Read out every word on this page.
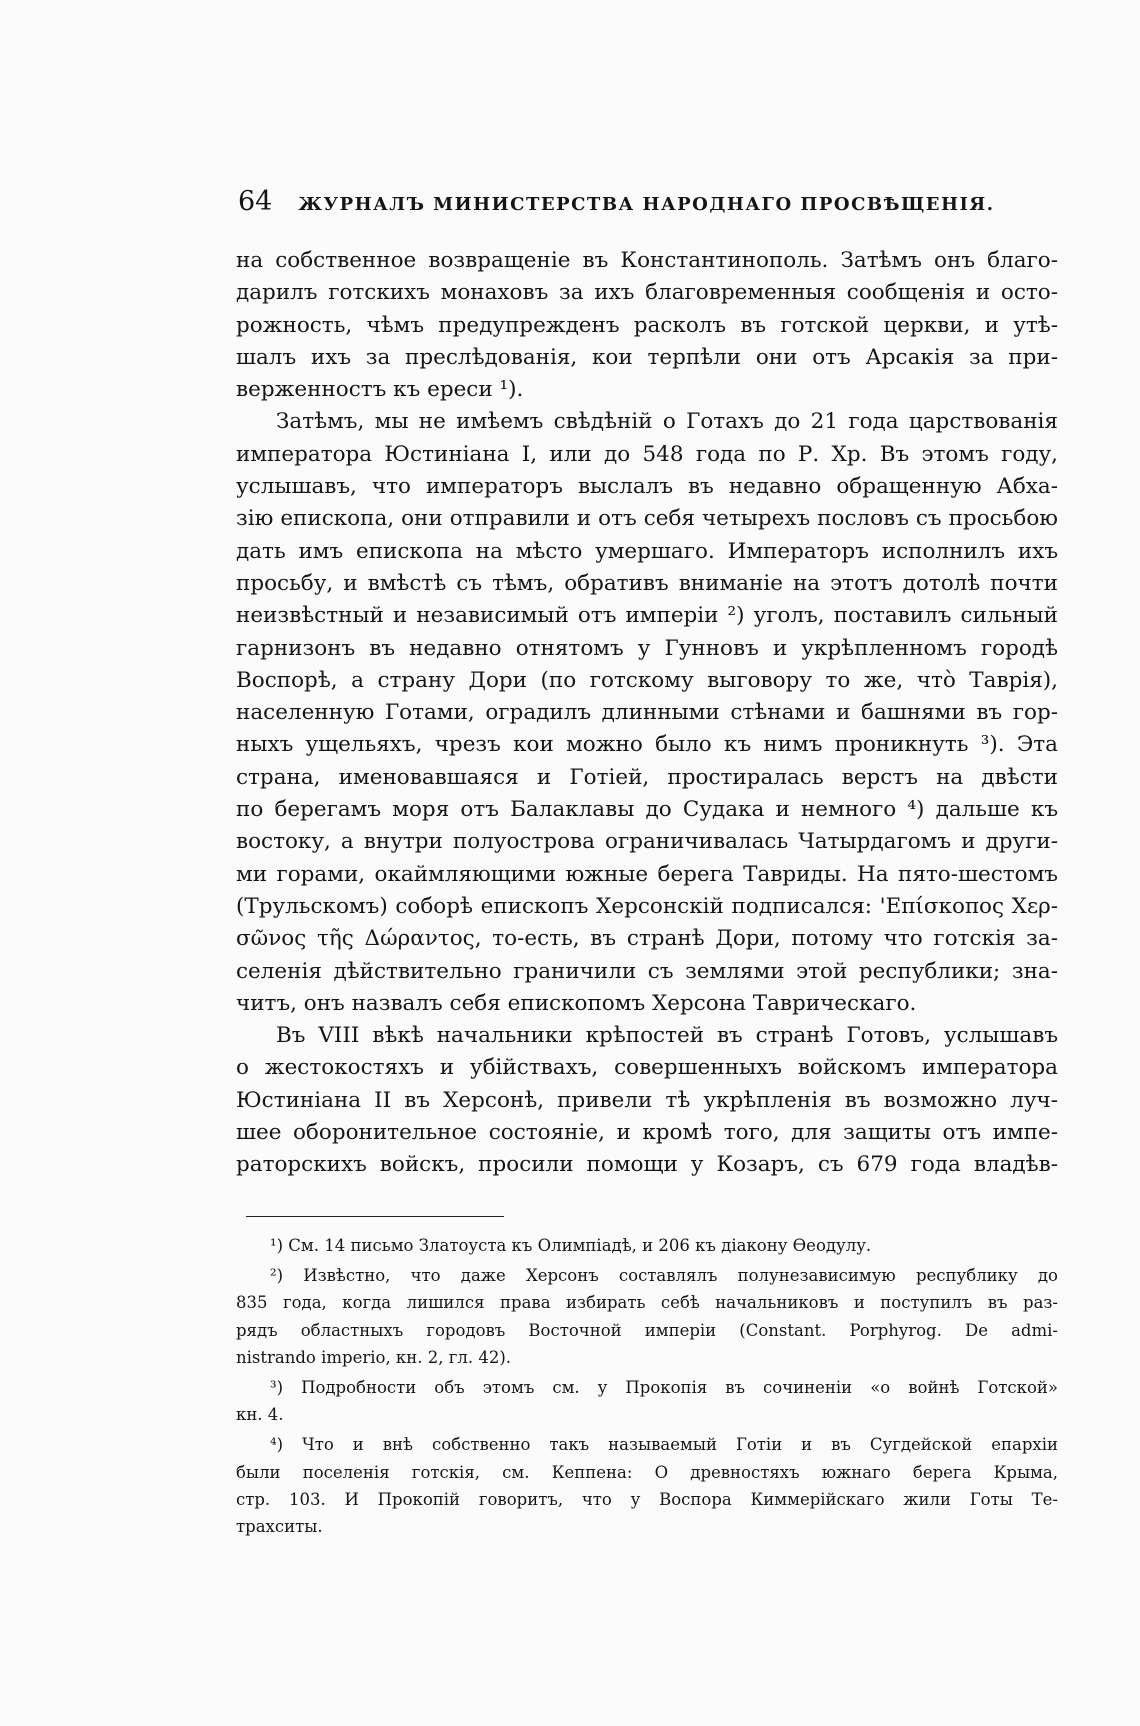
64 ЖУРНАЛЪ МИНИСТЕРСТВА НАРОДНАГО ПРОСВѢЩЕНІЯ.
на собственное возвращеніе въ Константинополь. Затѣмъ онъ благо-
дарилъ готскихъ монаховъ за ихъ благовременныя сообщенія и осто-
рожность, чѣмъ предупрежденъ расколъ въ готской церкви, и утѣ-
шалъ ихъ за преслѣдованія, кои терпѣли они отъ Арсакія за при-
верженностъ къ ереси ¹).
Затѣмъ, мы не имѣемъ свѣдѣній о Готахъ до 21 года царствованія
императора Юстиніана I, или до 548 года по Р. Хр. Въ этомъ году,
услышавъ, что императоръ выслалъ въ недавно обращенную Абха-
зію епископа, они отправили и отъ себя четырехъ пословъ съ просьбою
дать имъ епископа на мѣсто умершаго. Императоръ исполнилъ ихъ
просьбу, и вмѣстѣ съ тѣмъ, обративъ вниманіе на этотъ дотолѣ почти
неизвѣстный и независимый отъ имперіи ²) уголъ, поставилъ сильный
гарнизонъ въ недавно отнятомъ у Гунновъ и укрѣпленномъ городѣ
Воспорѣ, а страну Дори (по готскому выговору то же, что̀ Таврія),
населенную Готами, оградилъ длинными стѣнами и башнями въ гор-
ныхъ ущельяхъ, чрезъ кои можно было къ нимъ проникнуть ³). Эта
страна, именовавшаяся и Готіей, простиралась верстъ на двѣсти
по берегамъ моря отъ Балаклавы до Судака и немного ⁴) дальше къ
востоку, а внутри полуострова ограничивалась Чатырдагомъ и други-
ми горами, окаймляющими южные берега Тавриды. На пято-шестомъ
(Трульскомъ) соборѣ епископъ Херсонскій подписался: 'Επίσκοπος Χερ-
σῶνος τῆς Δώραντος, то-есть, въ странѣ Дори, потому что готскія за-
селенія дѣйствительно граничили съ землями этой республики; зна-
читъ, онъ назвалъ себя епископомъ Херсона Таврическаго.
Въ VIII вѣкѣ начальники крѣпостей въ странѣ Готовъ, услышавъ
о жестокостяхъ и убійствахъ, совершенныхъ войскомъ императора
Юстиніана II въ Херсонѣ, привели тѣ укрѣпленія въ возможно луч-
шее оборонительное состояніе, и кромѣ того, для защиты отъ импе-
раторскихъ войскъ, просили помощи у Козаръ, съ 679 года владѣв-
¹) См. 14 письмо Златоуста къ Олимпіадѣ, и 206 къ діакону Ѳеодулу.
²) Извѣстно, что даже Херсонъ составлялъ полунезависимую республику до
835 года, когда лишился права избирать себѣ начальниковъ и поступилъ въ раз-
рядъ областныхъ городовъ Восточной имперіи (Constant. Porphyrog. De admi-
nistrando imperio, кн. 2, гл. 42).
³) Подробности объ этомъ см. у Прокопія въ сочиненіи «о войнѣ Готской»
кн. 4.
⁴) Что и внѣ собственно такъ называемый Готіи и въ Сугдейской епархіи
были поселенія готскія, см. Кеппена: О древностяхъ южнаго берега Крыма,
стр. 103. И Прокопій говоритъ, что у Воспора Киммерійскаго жили Готы Те-
трахситы.
